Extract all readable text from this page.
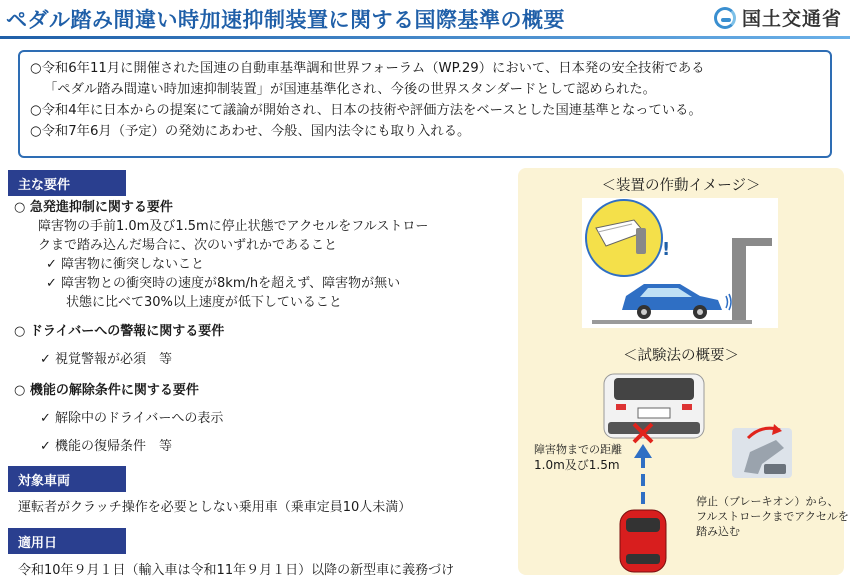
ペダル踏み間違い時加速抑制装置に関する国際基準の概要	国土交通省
○令和6年11月に開催された国連の自動車基準調和世界フォーラム（WP.29）において、日本発の安全技術である
「ペダル踏み間違い時加速抑制装置」が国連基準化され、今後の世界スタンダードとして認められた。
○令和4年に日本からの提案にて議論が開始され、日本の技術や評価方法をベースとした国連基準となっている。
○令和7年6月（予定）の発効にあわせ、今般、国内法令にも取り入れる。
主な要件
○ 急発進抑制に関する要件
障害物の手前1.0m及び1.5mに停止状態でアクセルをフルストロー
クまで踏み込んだ場合に、次のいずれかであること
✓ 障害物に衝突しないこと
✓ 障害物との衝突時の速度が8km/hを超えず、障害物が無い
状態に比べて30%以上速度が低下していること
○ ドライバーへの警報に関する要件
✓ 視覚警報が必須　等
○ 機能の解除条件に関する要件
✓ 解除中のドライバーへの表示
✓ 機能の復帰条件　等
対象車両
運転者がクラッチ操作を必要としない乗用車（乗車定員10人未満）
適用日
令和10年９月１日（輸入車は令和11年９月１日）以降の新型車に義務づけ
＜装置の作動イメージ＞
!
＜試験法の概要＞
障害物までの距離
1.0m及び1.5m
停止（ブレーキオン）から、
フルストロークまでアクセルを
踏み込む
